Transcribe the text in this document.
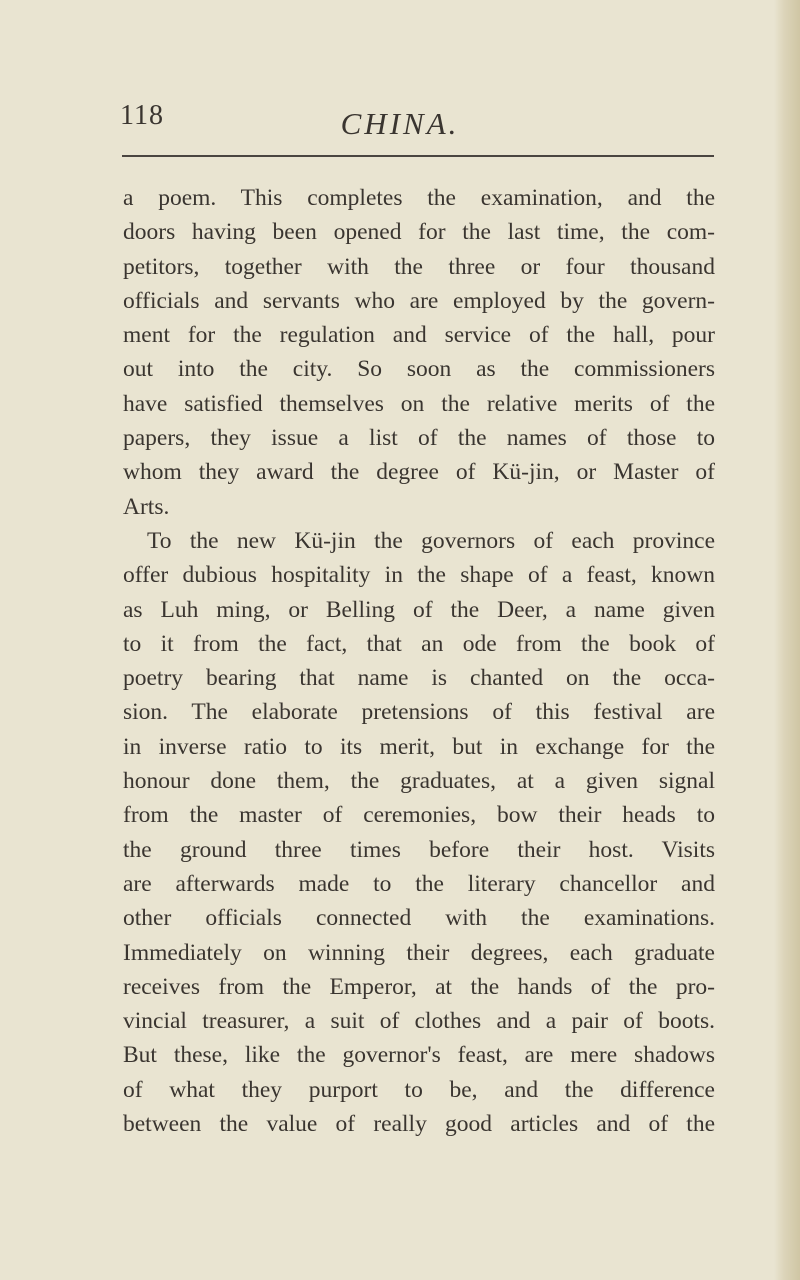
118	CHINA.
a poem. This completes the examination, and the
doors having been opened for the last time, the com-
petitors, together with the three or four thousand
officials and servants who are employed by the govern-
ment for the regulation and service of the hall, pour
out into the city. So soon as the commissioners
have satisfied themselves on the relative merits of the
papers, they issue a list of the names of those to
whom they award the degree of Kü-jin, or Master of
Arts.
To the new Kü-jin the governors of each province
offer dubious hospitality in the shape of a feast, known
as Luh ming, or Belling of the Deer, a name given
to it from the fact, that an ode from the book of
poetry bearing that name is chanted on the occa-
sion. The elaborate pretensions of this festival are
in inverse ratio to its merit, but in exchange for the
honour done them, the graduates, at a given signal
from the master of ceremonies, bow their heads to
the ground three times before their host. Visits
are afterwards made to the literary chancellor and
other officials connected with the examinations.
Immediately on winning their degrees, each graduate
receives from the Emperor, at the hands of the pro-
vincial treasurer, a suit of clothes and a pair of boots.
But these, like the governor's feast, are mere shadows
of what they purport to be, and the difference
between the value of really good articles and of the
